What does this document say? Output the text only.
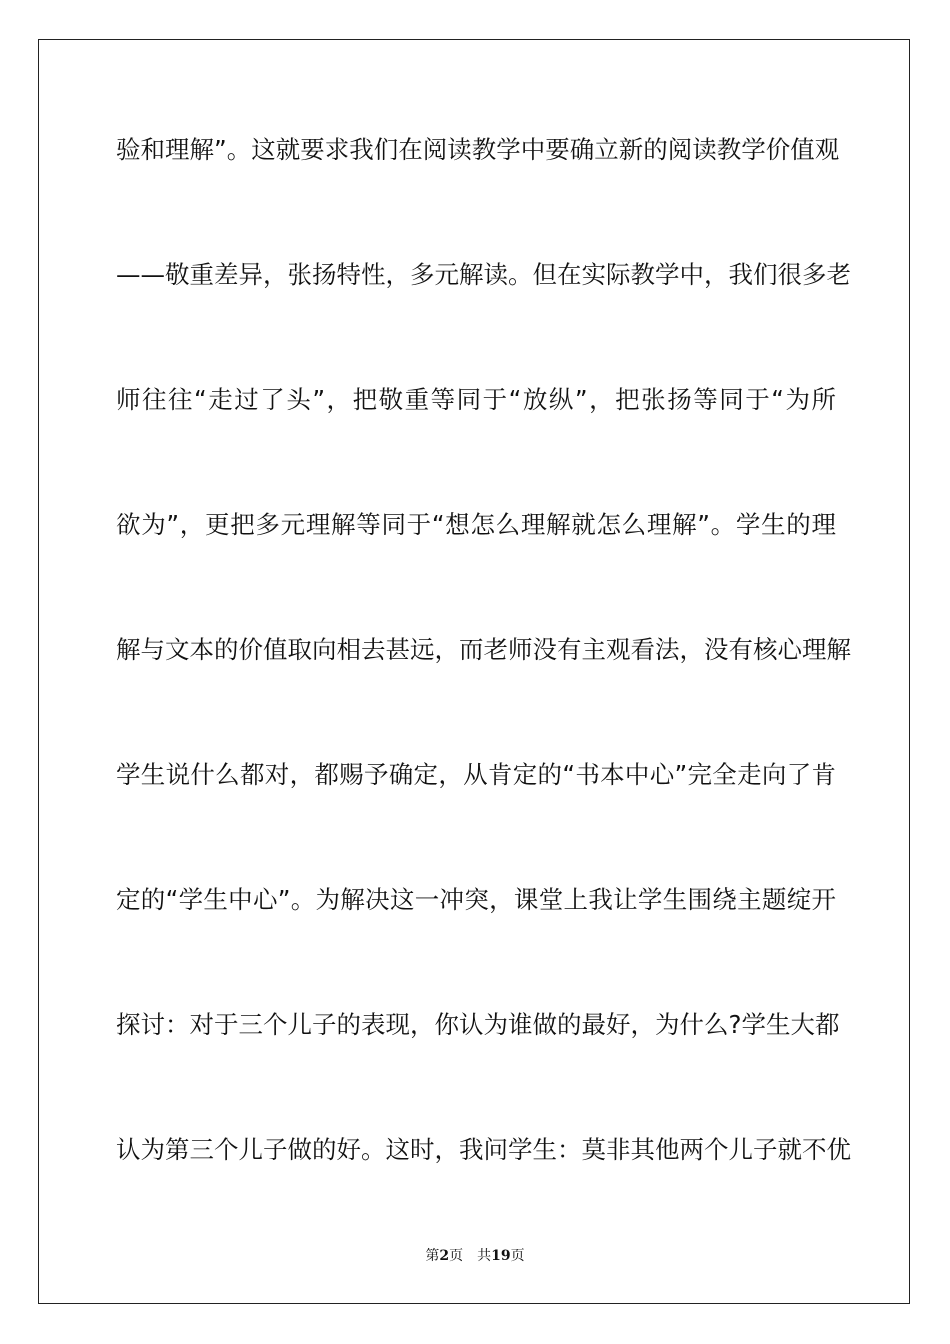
验和理解”。这就要求我们在阅读教学中要确立新的阅读教学价值观
——敬重差异，张扬特性，多元解读。但在实际教学中，我们很多老
师往往“走过了头”，把敬重等同于“放纵”，把张扬等同于“为所
欲为”，更把多元理解等同于“想怎么理解就怎么理解”。学生的理
解与文本的价值取向相去甚远，而老师没有主观看法，没有核心理解
学生说什么都对，都赐予确定，从肯定的“书本中心”完全走向了肯
定的“学生中心”。为解决这一冲突，课堂上我让学生围绕主题绽开
探讨：对于三个儿子的表现，你认为谁做的最好，为什么?学生大都
认为第三个儿子做的好。这时，我问学生：莫非其他两个儿子就不优
第2页 共19页
